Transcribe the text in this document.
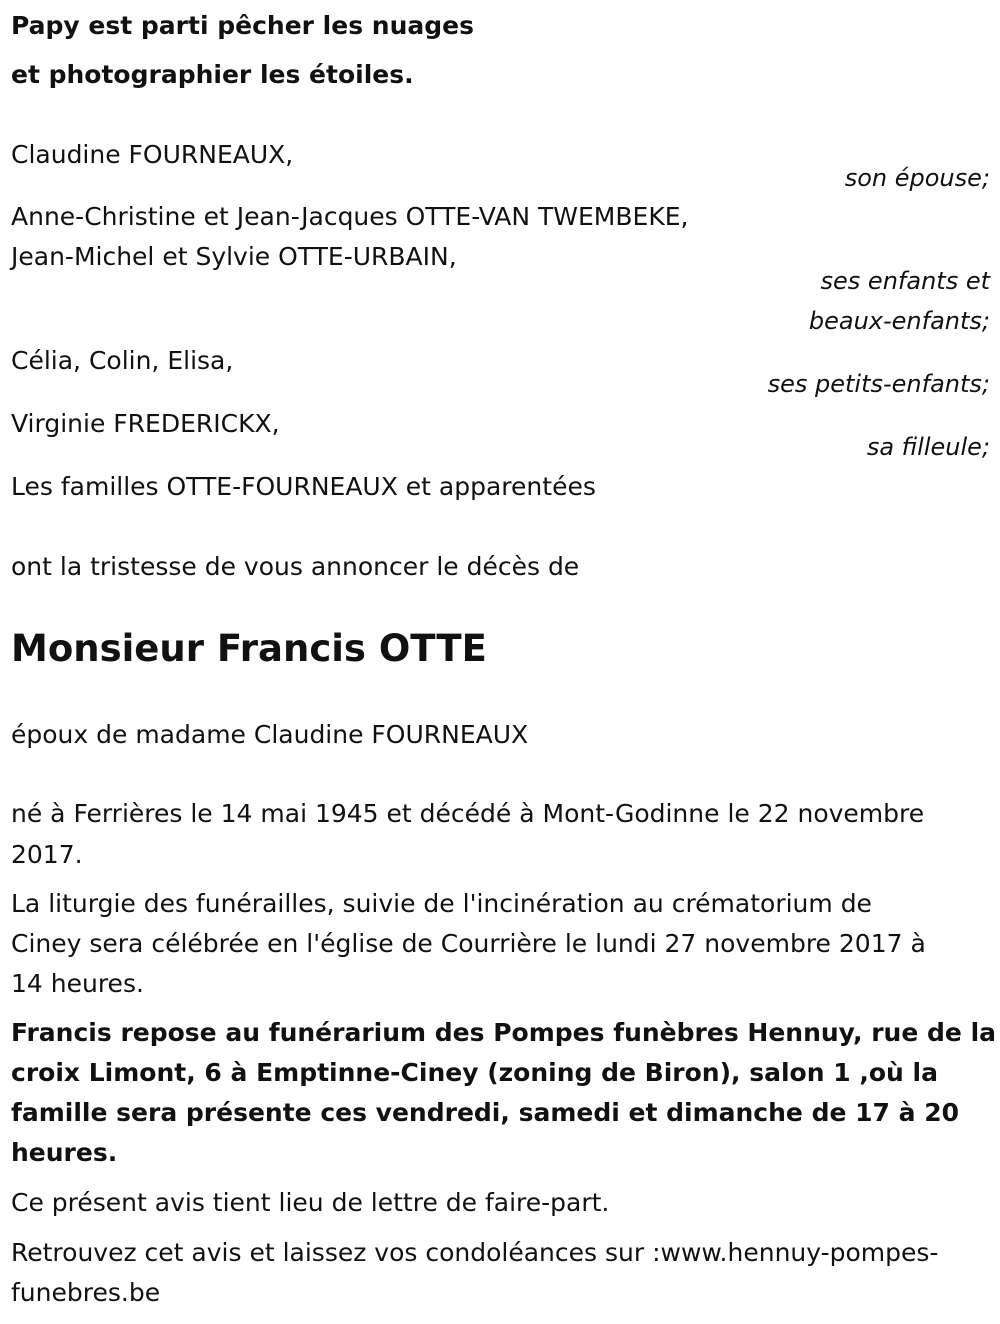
Papy est parti pêcher les nuages
et photographier les étoiles.
Claudine FOURNEAUX,
son épouse;
Anne-Christine et Jean-Jacques OTTE-VAN TWEMBEKE,
Jean-Michel et Sylvie OTTE-URBAIN,
ses enfants et
beaux-enfants;
Célia, Colin, Elisa,
ses petits-enfants;
Virginie FREDERICKX,
sa filleule;
Les familles OTTE-FOURNEAUX et apparentées
ont la tristesse de vous annoncer le décès de
Monsieur Francis OTTE
époux de madame Claudine FOURNEAUX
né à Ferrières le 14 mai 1945 et décédé à Mont-Godinne le 22 novembre
2017.
La liturgie des funérailles, suivie de l'incinération au crématorium de
Ciney sera célébrée en l'église de Courrière le lundi 27 novembre 2017 à
14 heures.
Francis repose au funérarium des Pompes funèbres Hennuy, rue de la
croix Limont, 6 à Emptinne-Ciney (zoning de Biron), salon 1 ,où la
famille sera présente ces vendredi, samedi et dimanche de 17 à 20
heures.
Ce présent avis tient lieu de lettre de faire-part.
Retrouvez cet avis et laissez vos condoléances sur :www.hennuy-pompes-
funebres.be
